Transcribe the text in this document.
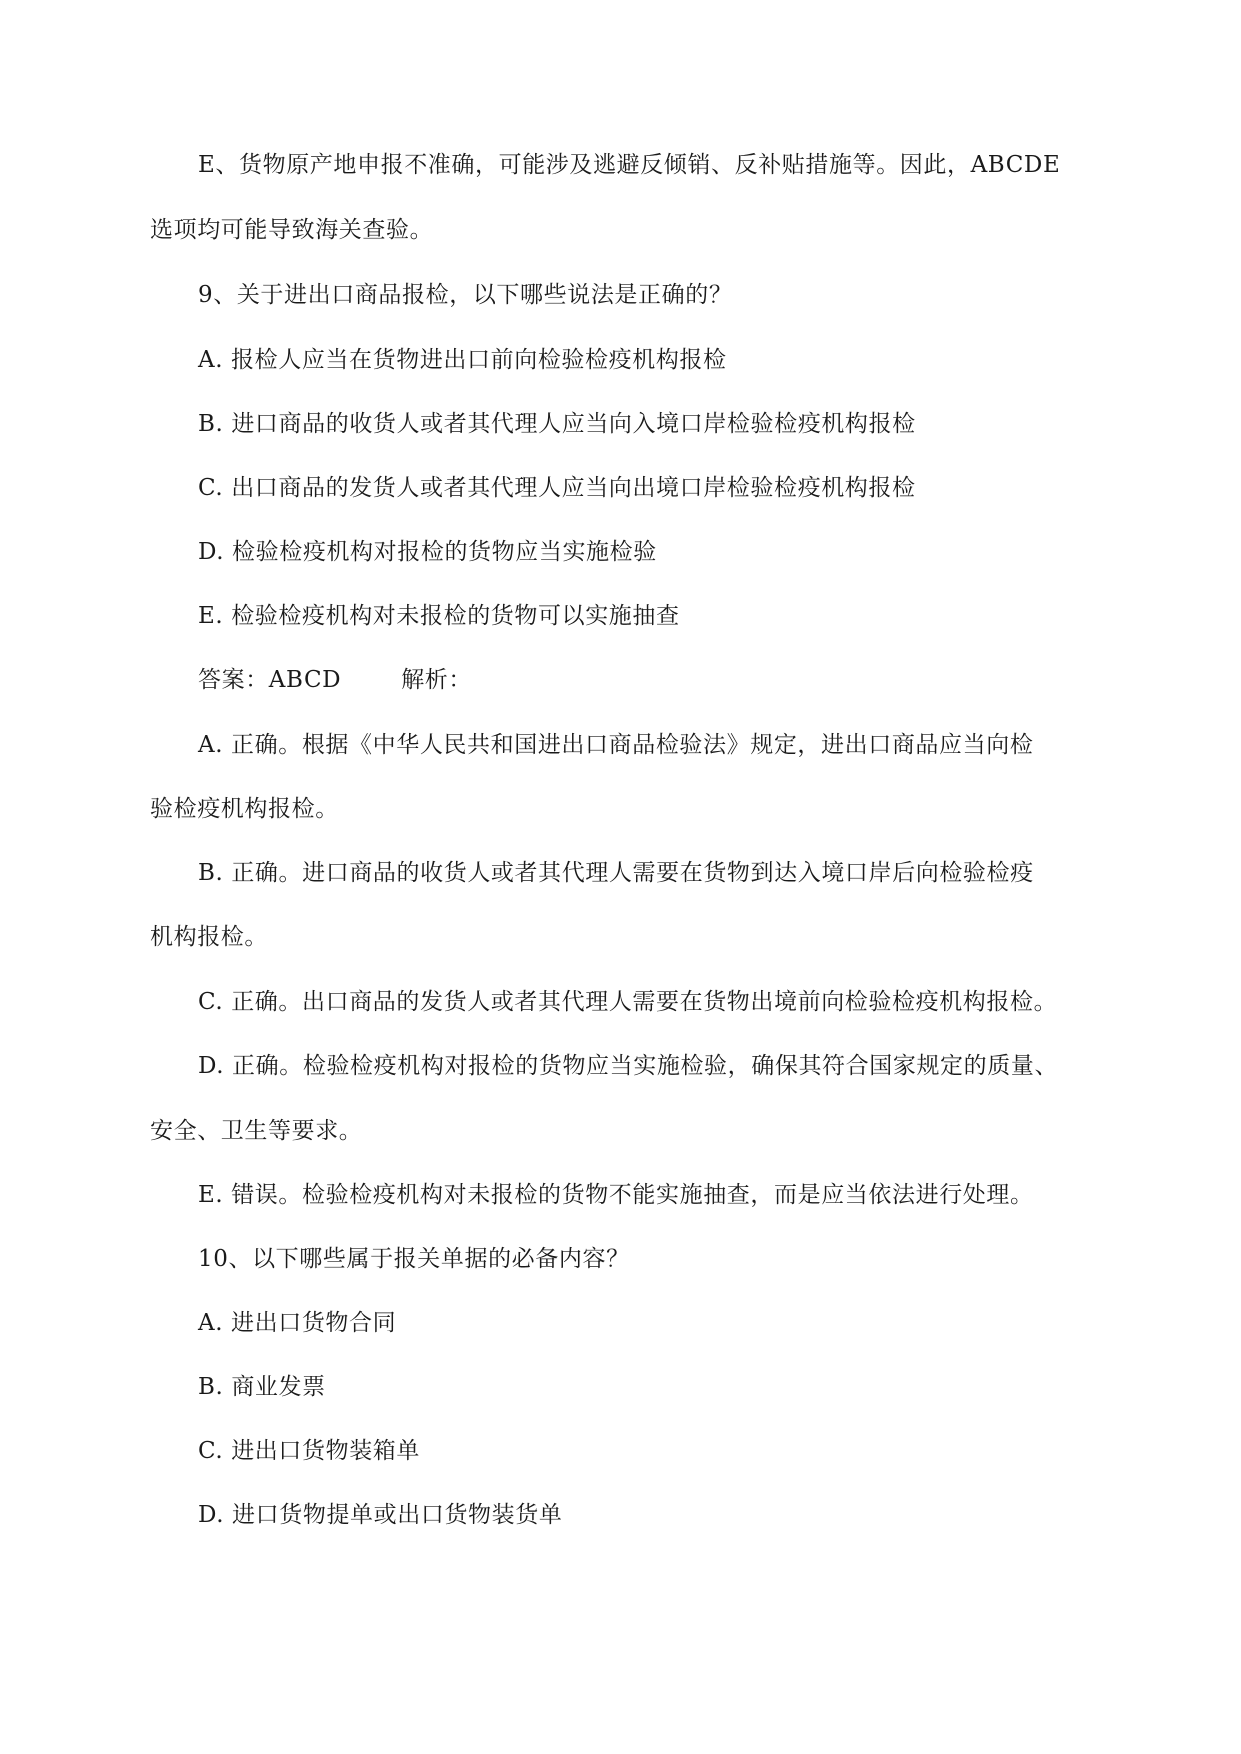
E、货物原产地申报不准确，可能涉及逃避反倾销、反补贴措施等。因此，ABCDE
选项均可能导致海关查验。
9、关于进出口商品报检，以下哪些说法是正确的？
A. 报检人应当在货物进出口前向检验检疫机构报检
B. 进口商品的收货人或者其代理人应当向入境口岸检验检疫机构报检
C. 出口商品的发货人或者其代理人应当向出境口岸检验检疫机构报检
D. 检验检疫机构对报检的货物应当实施检验
E. 检验检疫机构对未报检的货物可以实施抽查
答案：ABCD	解析：
A. 正确。根据《中华人民共和国进出口商品检验法》规定，进出口商品应当向检
验检疫机构报检。
B. 正确。进口商品的收货人或者其代理人需要在货物到达入境口岸后向检验检疫
机构报检。
C. 正确。出口商品的发货人或者其代理人需要在货物出境前向检验检疫机构报检。
D. 正确。检验检疫机构对报检的货物应当实施检验，确保其符合国家规定的质量、
安全、卫生等要求。
E. 错误。检验检疫机构对未报检的货物不能实施抽查，而是应当依法进行处理。
10、以下哪些属于报关单据的必备内容？
A. 进出口货物合同
B. 商业发票
C. 进出口货物装箱单
D. 进口货物提单或出口货物装货单
